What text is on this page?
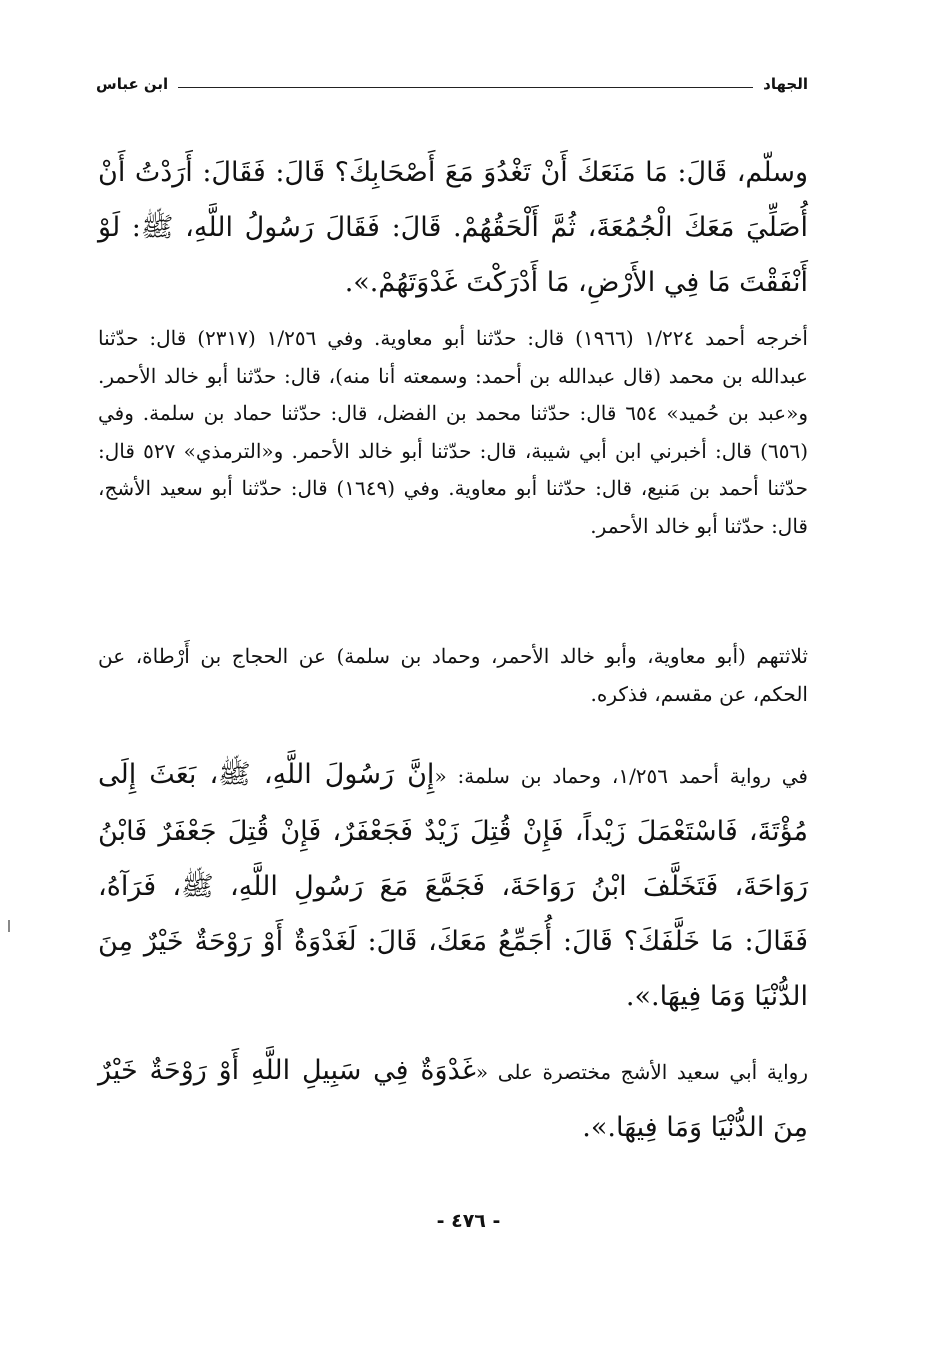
الجهاد
ابن عباس

وسلّم، قَالَ: مَا مَنَعَكَ أَنْ تَغْدُوَ مَعَ أَصْحَابِكَ؟ قَالَ: فَقَالَ: أَرَدْتُ أَنْ أُصَلِّيَ مَعَكَ الْجُمُعَةَ، ثُمَّ أَلْحَقُهُمْ. قَالَ: فَقَالَ رَسُولُ اللَّهِ، ﷺ: لَوْ أَنْفَقْتَ مَا فِي الأَرْضِ، مَا أَدْرَكْتَ غَدْوَتَهُمْ.».

أخرجه أحمد ١/٢٢٤ (١٩٦٦) قال: حدّثنا أبو معاوية. وفي ١/٢٥٦ (٢٣١٧) قال: حدّثنا عبدالله بن محمد (قال عبدالله بن أحمد: وسمعته أنا منه)، قال: حدّثنا أبو خالد الأحمر. و«عبد بن حُميد» ٦٥٤ قال: حدّثنا محمد بن الفضل، قال: حدّثنا حماد بن سلمة. وفي (٦٥٦) قال: أخبرني ابن أبي شيبة، قال: حدّثنا أبو خالد الأحمر. و«الترمذي» ٥٢٧ قال: حدّثنا أحمد بن مَنيع، قال: حدّثنا أبو معاوية. وفي (١٦٤٩) قال: حدّثنا أبو سعيد الأشج، قال: حدّثنا أبو خالد الأحمر.

ثلاثتهم (أبو معاوية، وأبو خالد الأحمر، وحماد بن سلمة) عن الحجاج بن أَرْطاة، عن الحكم، عن مقسم، فذكره.

في رواية أحمد ١/٢٥٦، وحماد بن سلمة: «إِنَّ رَسُولَ اللَّهِ، ﷺ، بَعَثَ إِلَى مُؤْتَةَ، فَاسْتَعْمَلَ زَيْداً، فَإِنْ قُتِلَ زَيْدٌ فَجَعْفَرٌ، فَإِنْ قُتِلَ جَعْفَرٌ فَابْنُ رَوَاحَةَ، فَتَخَلَّفَ ابْنُ رَوَاحَةَ، فَجَمَّعَ مَعَ رَسُولِ اللَّهِ، ﷺ، فَرَآهُ، فَقَالَ: مَا خَلَّفَكَ؟ قَالَ: أُجَمِّعُ مَعَكَ، قَالَ: لَغَدْوَةٌ أَوْ رَوْحَةٌ خَيْرٌ مِنَ الدُّنْيَا وَمَا فِيهَا.».

رواية أبي سعيد الأشج مختصرة على «غَدْوَةٌ فِي سَبِيلِ اللَّهِ أَوْ رَوْحَةٌ خَيْرٌ مِنَ الدُّنْيَا وَمَا فِيهَا.».

- ٤٧٦ -
